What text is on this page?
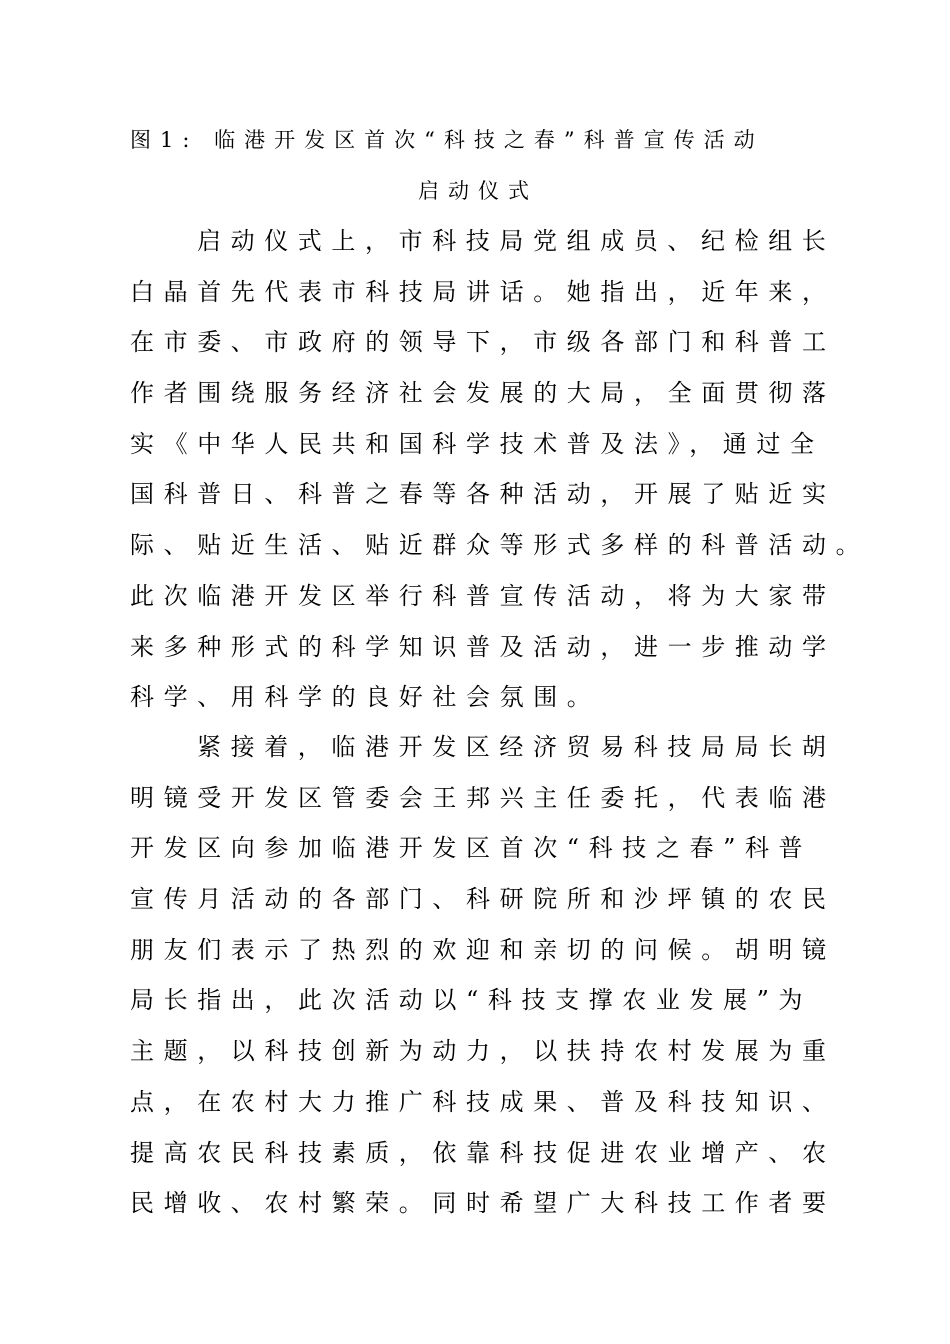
图1: 临港开发区首次“科技之春”科普宣传活动
启动仪式
启动仪式上，市科技局党组成员、纪检组长
白晶首先代表市科技局讲话。她指出，近年来，
在市委、市政府的领导下，市级各部门和科普工
作者围绕服务经济社会发展的大局，全面贯彻落
实《中华人民共和国科学技术普及法》，通过全
国科普日、科普之春等各种活动，开展了贴近实
际、贴近生活、贴近群众等形式多样的科普活动。
此次临港开发区举行科普宣传活动，将为大家带
来多种形式的科学知识普及活动，进一步推动学
科学、用科学的良好社会氛围。
紧接着，临港开发区经济贸易科技局局长胡
明镜受开发区管委会王邦兴主任委托，代表临港
开发区向参加临港开发区首次“科技之春”科普
宣传月活动的各部门、科研院所和沙坪镇的农民
朋友们表示了热烈的欢迎和亲切的问候。胡明镜
局长指出，此次活动以“科技支撑农业发展”为
主题，以科技创新为动力，以扶持农村发展为重
点，在农村大力推广科技成果、普及科技知识、
提高农民科技素质，依靠科技促进农业增产、农
民增收、农村繁荣。同时希望广大科技工作者要
